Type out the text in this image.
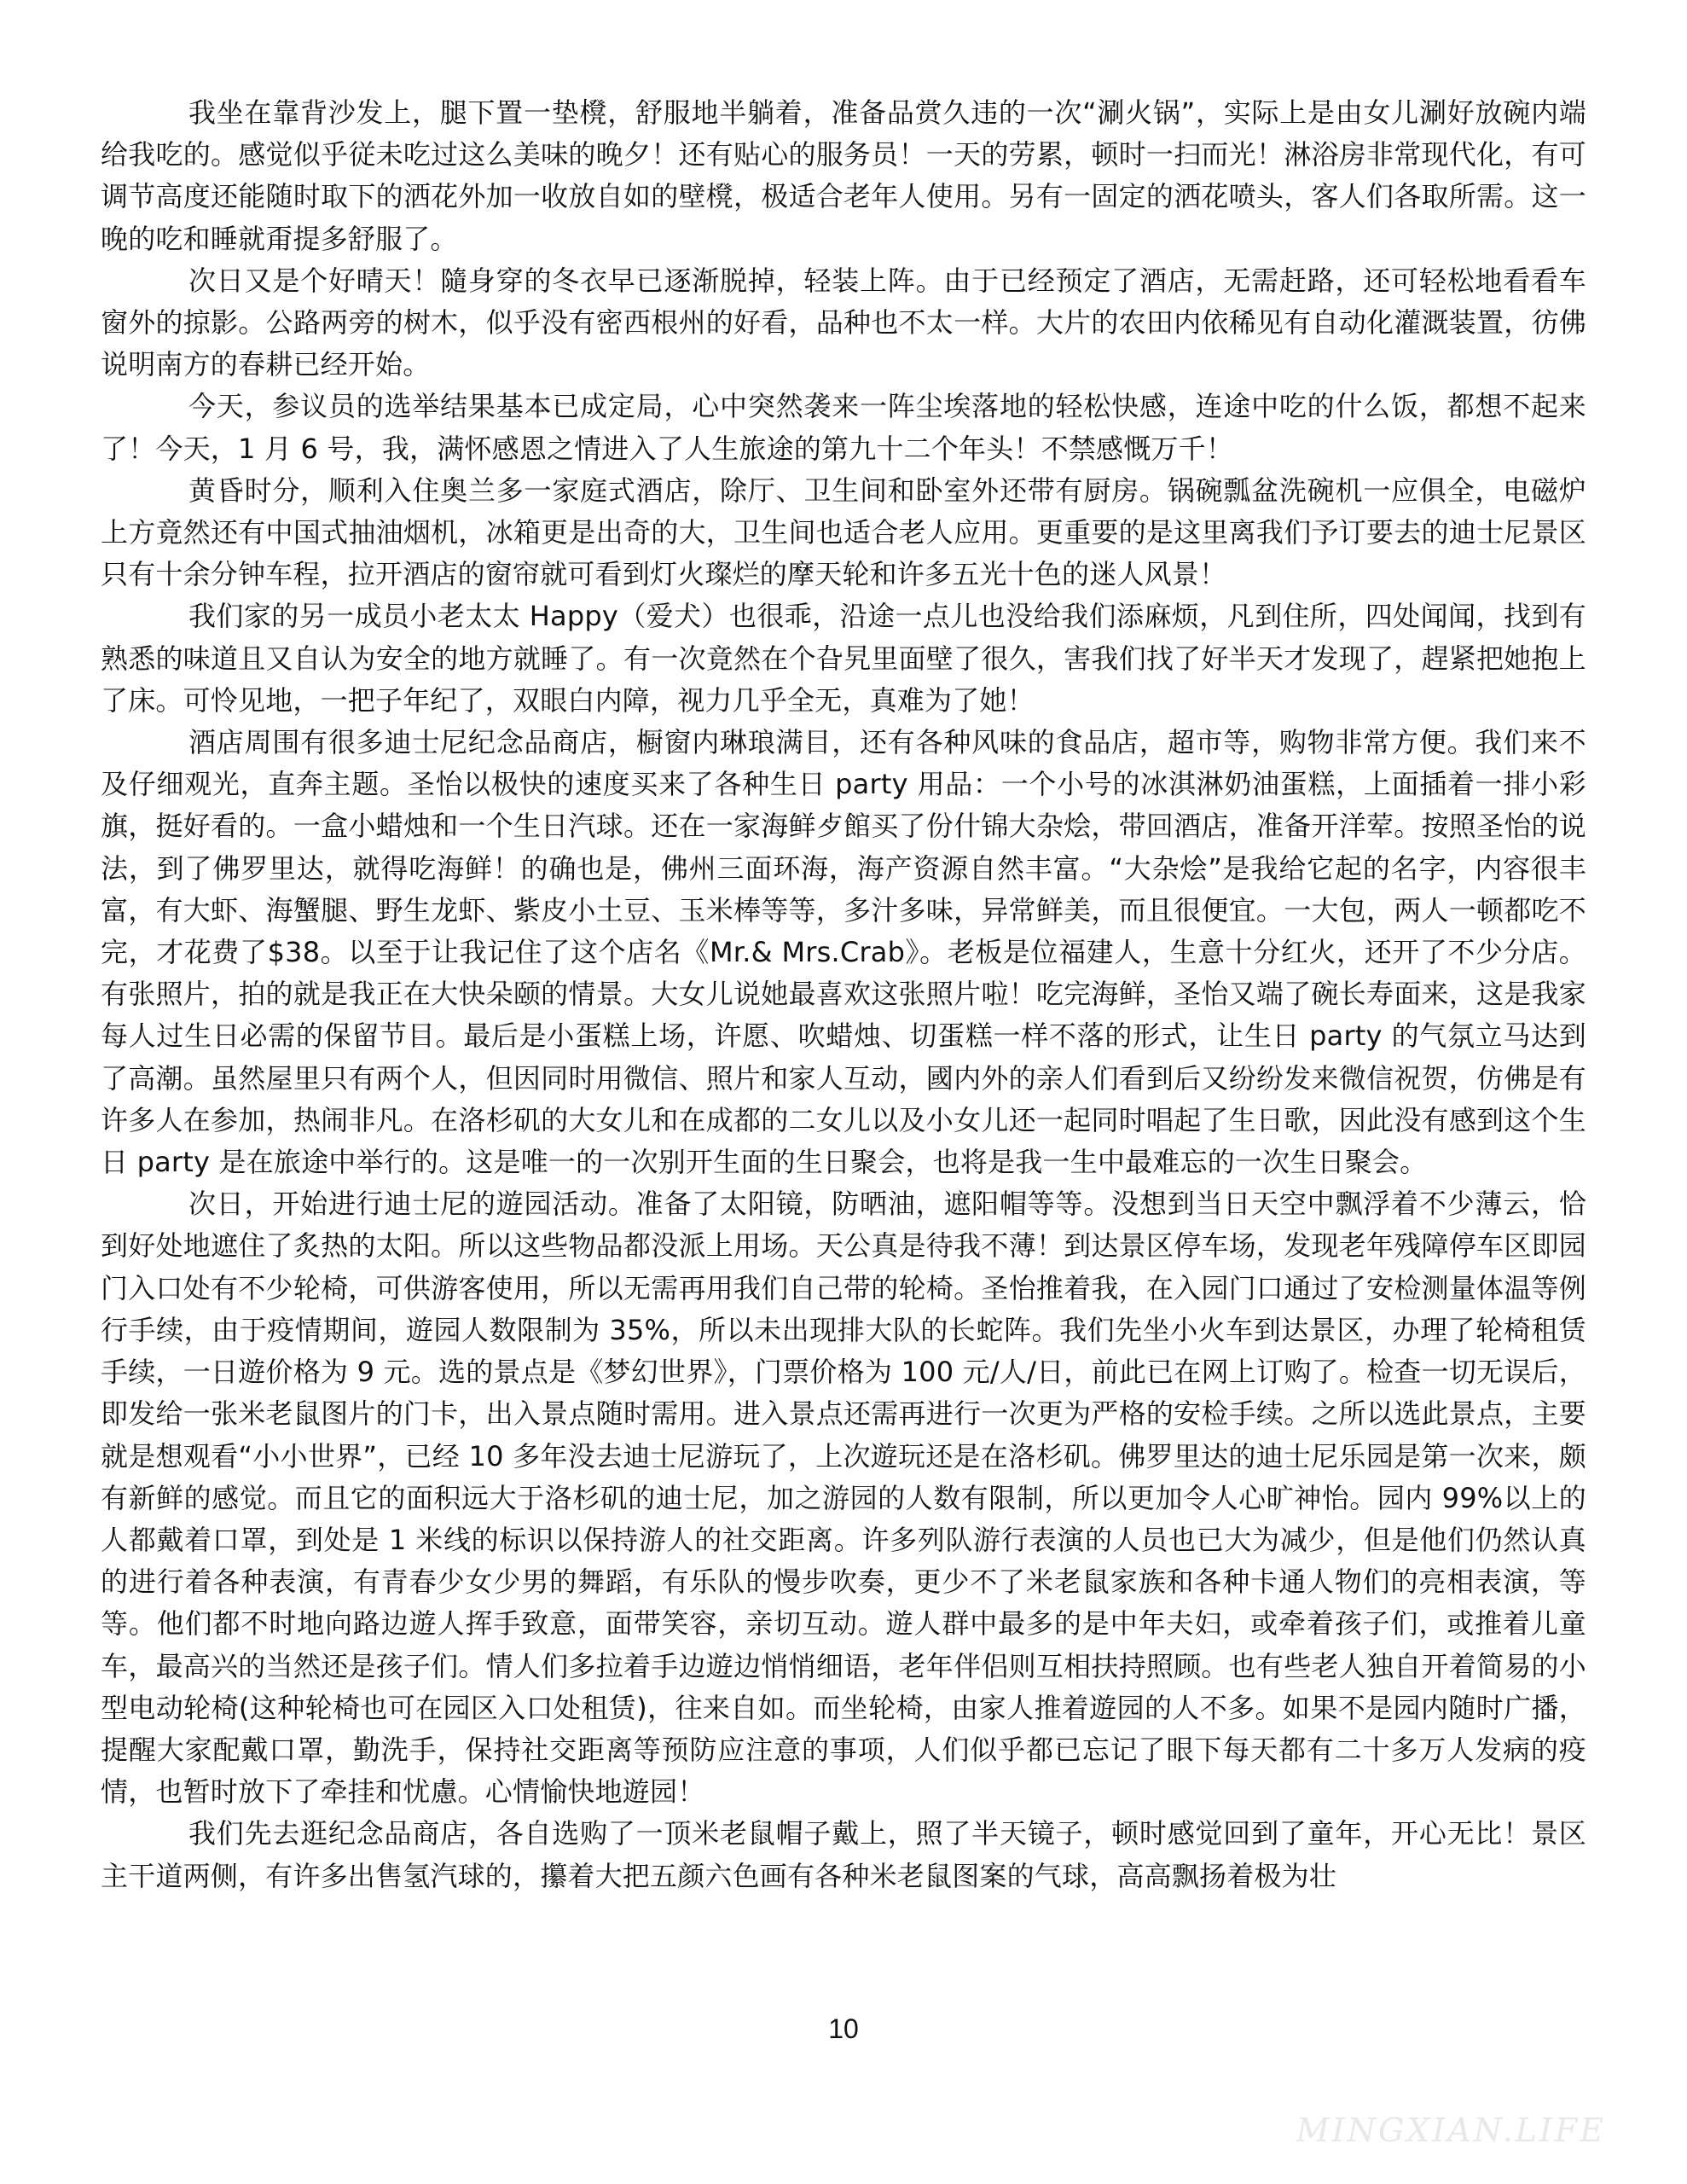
我坐在靠背沙发上，腿下置一垫櫈，舒服地半躺着，准备品赏久违的一次“涮火锅”，实际上是由女儿涮好放碗内端给我吃的。感觉似乎従未吃过这么美味的晚夕！还有贴心的服务员！一天的劳累，顿时一扫而光！淋浴房非常现代化，有可调节高度还能随时取下的洒花外加一收放自如的壁櫈，极适合老年人使用。另有一固定的洒花喷头，客人们各取所需。这一晚的吃和睡就甭提多舒服了。

次日又是个好晴天！隨身穿的冬衣早已逐渐脱掉，轻装上阵。由于已经预定了酒店，无需赶路，还可轻松地看看车窗外的掠影。公路两旁的树木，似乎没有密西根州的好看，品种也不太一样。大片的农田内依稀见有自动化灌溉装置，彷佛说明南方的春耕已经开始。

今天，参议员的选举结果基本已成定局，心中突然袭来一阵尘埃落地的轻松快感，连途中吃的什么饭，都想不起来了！今天，1 月 6 号，我，满怀感恩之情进入了人生旅途的第九十二个年头！不禁感慨万千！

黄昏时分，顺利入住奥兰多一家庭式酒店，除厅、卫生间和卧室外还带有厨房。锅碗瓢盆洗碗机一应俱全，电磁炉上方竟然还有中国式抽油烟机，冰箱更是出奇的大，卫生间也适合老人应用。更重要的是这里离我们予订要去的迪士尼景区只有十余分钟车程，拉开酒店的窗帘就可看到灯火璨烂的摩天轮和许多五光十色的迷人风景！

我们家的另一成员小老太太 Happy（爱犬）也很乖，沿途一点儿也没给我们添麻烦，凡到住所，四处闻闻，找到有熟悉的味道且又自认为安全的地方就睡了。有一次竟然在个旮旯里面壁了很久，害我们找了好半天才发现了，趕紧把她抱上了床。可怜见地，一把子年纪了，双眼白内障，视力几乎全无，真难为了她！

酒店周围有很多迪士尼纪念品商店，橱窗内琳琅满目，还有各种风味的食品店，超市等，购物非常方便。我们来不及仔细观光，直奔主题。圣怡以极快的速度买来了各种生日 party 用品：一个小号的冰淇淋奶油蛋糕，上面插着一排小彩旗，挺好看的。一盒小蜡烛和一个生日汽球。还在一家海鲜歺館买了份什锦大杂烩，带回酒店，准备开洋荤。按照圣怡的说法，到了佛罗里达，就得吃海鲜！的确也是，佛州三面环海，海产资源自然丰富。“大杂烩”是我给它起的名字，内容很丰富，有大虾、海蟹腿、野生龙虾、紫皮小土豆、玉米棒等等，多汁多味，异常鲜美，而且很便宜。一大包，两人一顿都吃不完，才花费了$38。以至于让我记住了这个店名《Mr.& Mrs.Crab》。老板是位福建人，生意十分红火，还开了不少分店。有张照片，拍的就是我正在大快朵颐的情景。大女儿说她最喜欢这张照片啦！吃完海鲜，圣怡又端了碗长寿面来，这是我家每人过生日必需的保留节目。最后是小蛋糕上场，许愿、吹蜡烛、切蛋糕一样不落的形式，让生日 party 的气氛立马达到了高潮。虽然屋里只有两个人，但因同时用微信、照片和家人互动，國内外的亲人们看到后又纷纷发来微信祝贺，仿佛是有许多人在参加，热闹非凡。在洛杉矶的大女儿和在成都的二女儿以及小女儿还一起同时唱起了生日歌，因此没有感到这个生日 party 是在旅途中举行的。这是唯一的一次别开生面的生日聚会，也将是我一生中最难忘的一次生日聚会。

次日，开始进行迪士尼的遊园活动。准备了太阳镜，防晒油，遮阳帽等等。没想到当日天空中飘浮着不少薄云，恰到好处地遮住了炙热的太阳。所以这些物品都没派上用场。天公真是待我不薄！到达景区停车场，发现老年残障停车区即园门入口处有不少轮椅，可供游客使用，所以无需再用我们自己带的轮椅。圣怡推着我，在入园门口通过了安检测量体温等例行手续，由于疫情期间，遊园人数限制为 35%，所以未出现排大队的长蛇阵。我们先坐小火车到达景区，办理了轮椅租赁手续，一日遊价格为 9 元。选的景点是《梦幻世界》，门票价格为 100 元/人/日，前此已在网上订购了。检查一切无误后，即发给一张米老鼠图片的门卡，出入景点随时需用。进入景点还需再进行一次更为严格的安检手续。之所以选此景点，主要就是想观看“小小世界”，已经 10 多年没去迪士尼游玩了，上次遊玩还是在洛杉矶。佛罗里达的迪士尼乐园是第一次来，颇有新鲜的感觉。而且它的面积远大于洛杉矶的迪士尼，加之游园的人数有限制，所以更加令人心旷神怡。园内 99%以上的人都戴着口罩，到处是 1 米线的标识以保持游人的社交距离。许多列队游行表演的人员也已大为减少，但是他们仍然认真的进行着各种表演，有青春少女少男的舞蹈，有乐队的慢步吹奏，更少不了米老鼠家族和各种卡通人物们的亮相表演，等等。他们都不时地向路边遊人挥手致意，面带笑容，亲切互动。遊人群中最多的是中年夫妇，或牵着孩子们，或推着儿童车，最高兴的当然还是孩子们。情人们多拉着手边遊边悄悄细语，老年伴侣则互相扶持照顾。也有些老人独自开着简易的小型电动轮椅(这种轮椅也可在园区入口处租赁)，往来自如。而坐轮椅，由家人推着遊园的人不多。如果不是园内随时广播，提醒大家配戴口罩，勤洗手，保持社交距离等预防应注意的事项，人们似乎都已忘记了眼下每天都有二十多万人发病的疫情，也暂时放下了牵挂和忧慮。心情愉快地遊园！

我们先去逛纪念品商店，各自选购了一顶米老鼠帽子戴上，照了半天镜子，顿时感觉回到了童年，开心无比！景区主干道两侧，有许多出售氢汽球的，攥着大把五颜六色画有各种米老鼠图案的气球，高高飘扬着极为壮

10
MINGXIAN.LIFE
